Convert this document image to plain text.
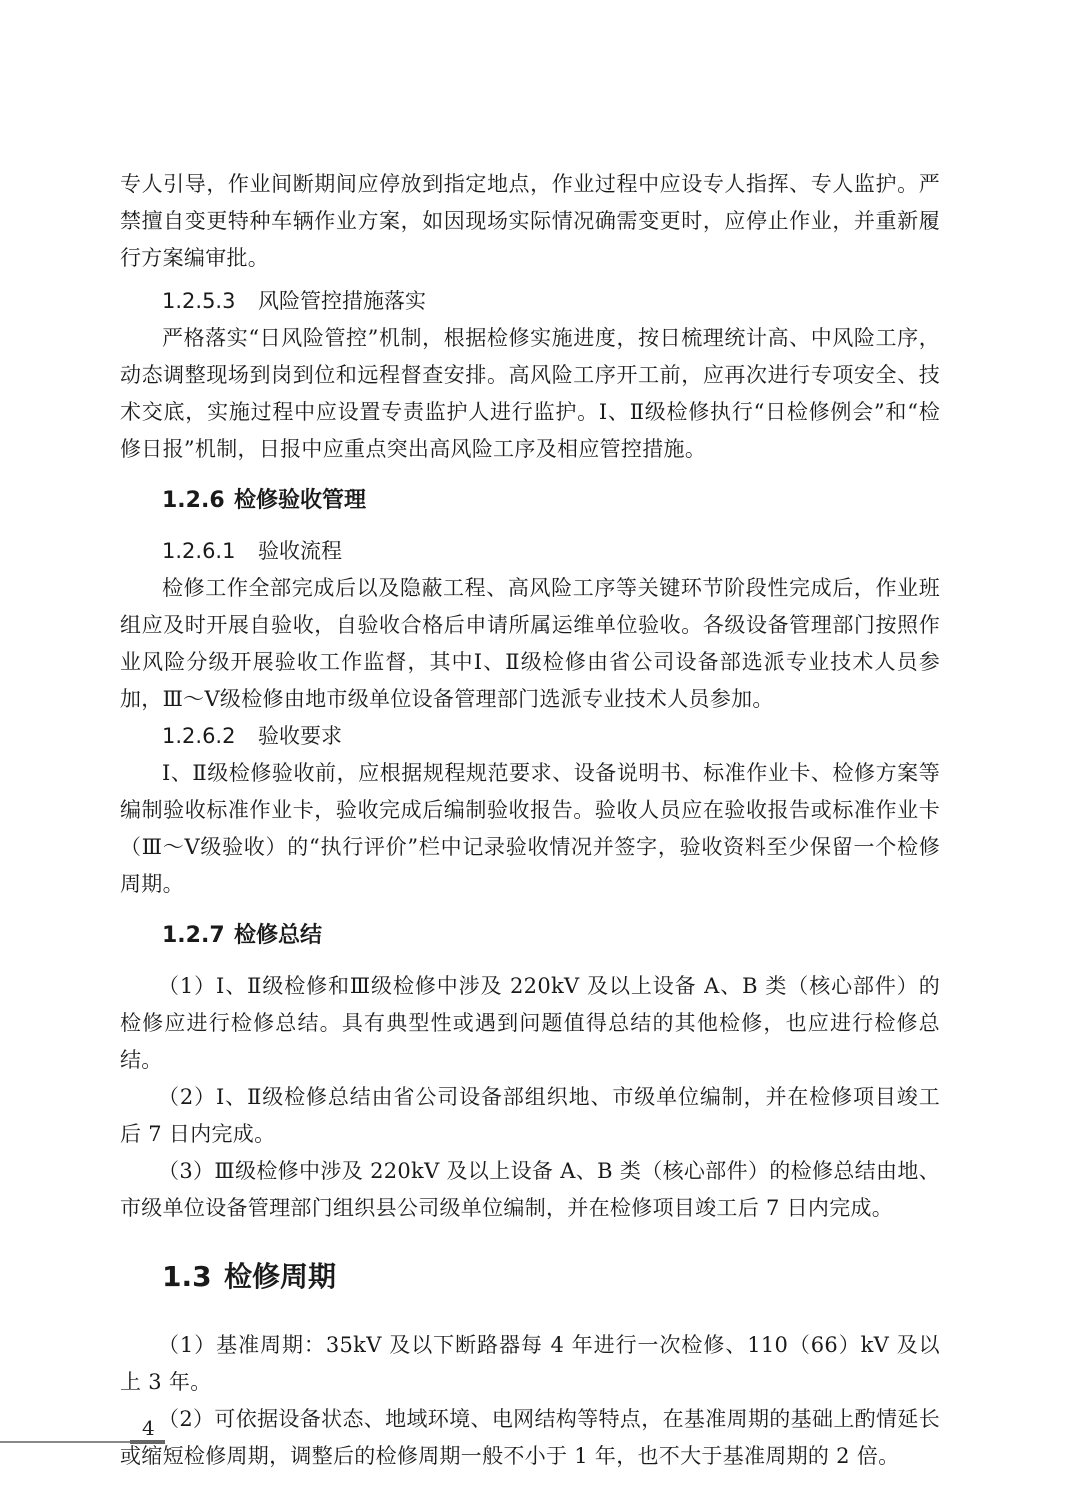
专人引导，作业间断期间应停放到指定地点，作业过程中应设专人指挥、专人监护。严禁擅自变更特种车辆作业方案，如因现场实际情况确需变更时，应停止作业，并重新履行方案编审批。

1.2.5.3 风险管控措施落实

严格落实“日风险管控”机制，根据检修实施进度，按日梳理统计高、中风险工序，动态调整现场到岗到位和远程督查安排。高风险工序开工前，应再次进行专项安全、技术交底，实施过程中应设置专责监护人进行监护。Ⅰ、Ⅱ级检修执行“日检修例会”和“检修日报”机制，日报中应重点突出高风险工序及相应管控措施。

1.2.6 检修验收管理
1.2.6.1 验收流程

检修工作全部完成后以及隐蔽工程、高风险工序等关键环节阶段性完成后，作业班组应及时开展自验收，自验收合格后申请所属运维单位验收。各级设备管理部门按照作业风险分级开展验收工作监督，其中Ⅰ、Ⅱ级检修由省公司设备部选派专业技术人员参加，Ⅲ～Ⅴ级检修由地市级单位设备管理部门选派专业技术人员参加。

1.2.6.2 验收要求

Ⅰ、Ⅱ级检修验收前，应根据规程规范要求、设备说明书、标准作业卡、检修方案等编制验收标准作业卡，验收完成后编制验收报告。验收人员应在验收报告或标准作业卡（Ⅲ～Ⅴ级验收）的“执行评价”栏中记录验收情况并签字，验收资料至少保留一个检修周期。

1.2.7 检修总结

（1）Ⅰ、Ⅱ级检修和Ⅲ级检修中涉及 220kV 及以上设备 A、B 类（核心部件）的检修应进行检修总结。具有典型性或遇到问题值得总结的其他检修，也应进行检修总结。

（2）Ⅰ、Ⅱ级检修总结由省公司设备部组织地、市级单位编制，并在检修项目竣工后 7 日内完成。

（3）Ⅲ级检修中涉及 220kV 及以上设备 A、B 类（核心部件）的检修总结由地、市级单位设备管理部门组织县公司级单位编制，并在检修项目竣工后 7 日内完成。

1.3 检修周期

（1）基准周期：35kV 及以下断路器每 4 年进行一次检修、110（66）kV 及以上 3 年。

（2）可依据设备状态、地域环境、电网结构等特点，在基准周期的基础上酌情延长或缩短检修周期，调整后的检修周期一般不小于 1 年，也不大于基准周期的 2 倍。

4
